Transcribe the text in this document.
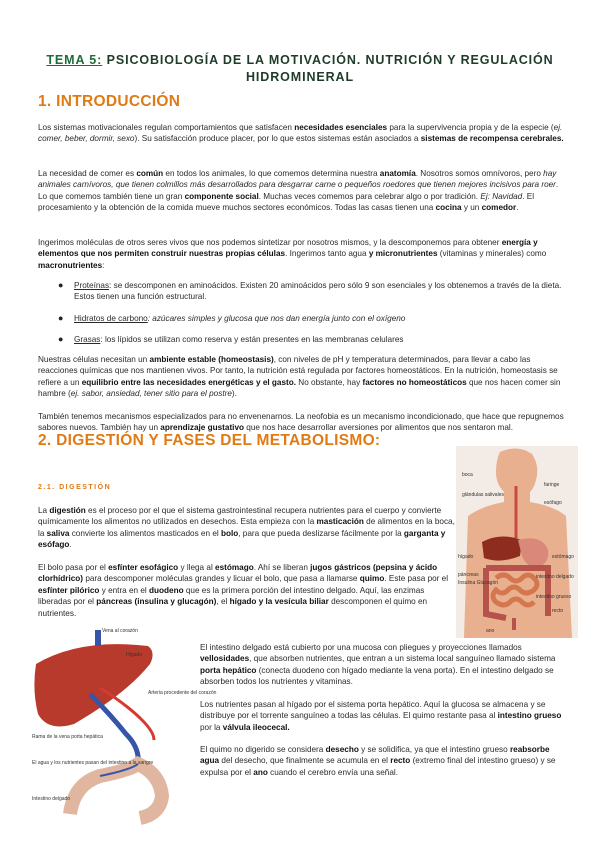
TEMA 5: PSICOBIOLOGÍA DE LA MOTIVACIÓN. NUTRICIÓN Y REGULACIÓN
HIDROMINERAL
1. INTRODUCCIÓN
Los sistemas motivacionales regulan comportamientos que satisfacen necesidades esenciales para la supervivencia propia y de la especie (ej. comer, beber, dormir, sexo). Su satisfacción produce placer, por lo que estos sistemas están asociados a sistemas de recompensa cerebrales.
La necesidad de comer es común en todos los animales, lo que comemos determina nuestra anatomía. Nosotros somos omnívoros, pero hay animales carnívoros, que tienen colmillos más desarrollados para desgarrar carne o pequeños roedores que tienen mejores incisivos para roer. Lo que comemos también tiene un gran componente social. Muchas veces comemos para celebrar algo o por tradición. Ej: Navidad. El procesamiento y la obtención de la comida mueve muchos sectores económicos. Todas las casas tienen una cocina y un comedor.
Ingerimos moléculas de otros seres vivos que nos podemos sintetizar por nosotros mismos, y la descomponemos para obtener energía y elementos que nos permiten construir nuestras propias células. Ingerimos tanto agua y micronutrientes (vitaminas y minerales) como macronutrientes:
● Proteínas: se descomponen en aminoácidos. Existen 20 aminoácidos pero sólo 9 son esenciales y los obtenemos a través de la dieta. Estos tienen una función estructural.
● Hidratos de carbono: azúcares simples y glucosa que nos dan energía junto con el oxígeno
● Grasas: los lípidos se utilizan como reserva y están presentes en las membranas celulares
Nuestras células necesitan un ambiente estable (homeostasis), con niveles de pH y temperatura determinados, para llevar a cabo las reacciones químicas que nos mantienen vivos. Por tanto, la nutrición está regulada por factores homeostáticos. En la nutrición, homeostasis se refiere a un equilibrio entre las necesidades energéticas y el gasto. No obstante, hay factores no homeostáticos que nos hacen comer sin hambre (ej. sabor, ansiedad, tener sitio para el postre).
También tenemos mecanismos especializados para no envenenarnos. La neofobia es un mecanismo incondicionado, que hace que repugnemos sabores nuevos. También hay un aprendizaje gustativo que nos hace desarrollar aversiones por alimentos que nos sentaron mal.
2. DIGESTIÓN Y FASES DEL METABOLISMO:
2.1. DIGESTIÓN
La digestión es el proceso por el que el sistema gastrointestinal recupera nutrientes para el cuerpo y convierte químicamente los alimentos no utilizados en desechos. Esta empieza con la masticación de alimentos en la boca, la saliva convierte los alimentos masticados en el bolo, para que pueda deslizarse fácilmente por la garganta y esófago.
El bolo pasa por el esfínter esofágico y llega al estómago. Ahí se liberan jugos gástricos (pepsina y ácido clorhídrico) para descomponer moléculas grandes y licuar el bolo, que pasa a llamarse quimo. Este pasa por el esfínter pilórico y entra en el duodeno que es la primera porción del intestino delgado. Aquí, las enzimas liberadas por el páncreas (insulina y glucagón), el hígado y la vesícula biliar descomponen el quimo en nutrientes.
El intestino delgado está cubierto por una mucosa con pliegues y proyecciones llamados vellosidades, que absorben nutrientes, que entran a un sistema local sanguíneo llamado sistema porta hepático (conecta duodeno con hígado mediante la vena porta). En el intestino delgado se absorben todos los nutrientes y vitaminas.
Los nutrientes pasan al hígado por el sistema porta hepático. Aquí la glucosa se almacena y se distribuye por el torrente sanguíneo a todas las células. El quimo restante pasa al intestino grueso por la válvula ileocecal.
El quimo no digerido se considera desecho y se solidifica, ya que el intestino grueso reabsorbe agua del desecho, que finalmente se acumula en el recto (extremo final del intestino grueso) y se expulsa por el ano cuando el cerebro envía una señal.
boca
glándulas salivales
faringe
esófago
hígado	estómago
páncreas
Insulina Glucagón
intestino delgado
intestino grueso
recto
ano
Vena al corazón
Hígado
Rama de la vena porta hepática
Arteria procedente del corazón
El agua y los nutrientes pasan del intestino a la sangre
Intestino delgado
